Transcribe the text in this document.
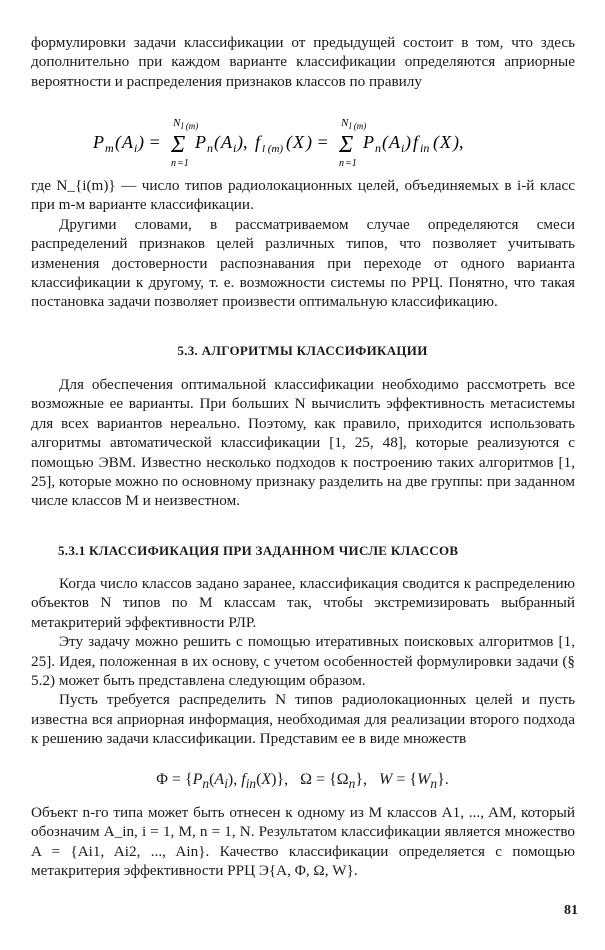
формулировки задачи классификации от предыдущей состоит в том, что здесь дополнительно при каждом варианте классификации определяются априорные вероятности и распределения признаков классов по правилу

P m ( A i ) =
N l (m)
Σ
n =1
P n ( A i ), f l (m) ( X ) =
N l (m)
Σ
n =1
P n ( A i ) f in ( X ),

где N_{i(m)} — число типов радиолокационных целей, объединяемых в i-й класс при m-м варианте классификации.

Другими словами, в рассматриваемом случае определяются смеси распределений признаков целей различных типов, что позволяет учитывать изменения достоверности распознавания при переходе от одного варианта классификации к другому, т. е. возможности системы по РРЦ. Понятно, что такая постановка задачи позволяет произвести оптимальную классификацию.

5.3. АЛГОРИТМЫ КЛАССИФИКАЦИИ

Для обеспечения оптимальной классификации необходимо рассмотреть все возможные ее варианты. При больших N вычислить эффективность метасистемы для всех вариантов нереально. Поэтому, как правило, приходится использовать алгоритмы автоматической классификации [1, 25, 48], которые реализуются с помощью ЭВМ. Известно несколько подходов к построению таких алгоритмов [1, 25], которые можно по основному признаку разделить на две группы: при заданном числе классов M и неизвестном.

5.3.1 КЛАССИФИКАЦИЯ ПРИ ЗАДАННОМ ЧИСЛЕ КЛАССОВ

Когда число классов задано заранее, классификация сводится к распределению объектов N типов по M классам так, чтобы экстремизировать выбранный метакритерий эффективности РЛР.

Эту задачу можно решить с помощью итеративных поисковых алгоритмов [1, 25]. Идея, положенная в их основу, с учетом особенностей формулировки задачи (§ 5.2) может быть представлена следующим образом.

Пусть требуется распределить N типов радиолокационных целей и пусть известна вся априорная информация, необходимая для реализации второго подхода к решению задачи классификации. Представим ее в виде множеств

$\Phi = \{P_n(A_i)$, $f_{in}(X)$},   $\Omega = \{\Omega_n\}$,   $W = \{W_n\}$.

Объект n-го типа может быть отнесен к одному из M классов A1, ..., AM, который обозначим A_in, i = 1, M, n = 1, N. Результатом классификации является множество A = {Ai1, Ai2, ..., Ain}. Качество классификации определяется с помощью метакритерия эффективности РРЦ Э{A, Φ, Ω, W}.

81
